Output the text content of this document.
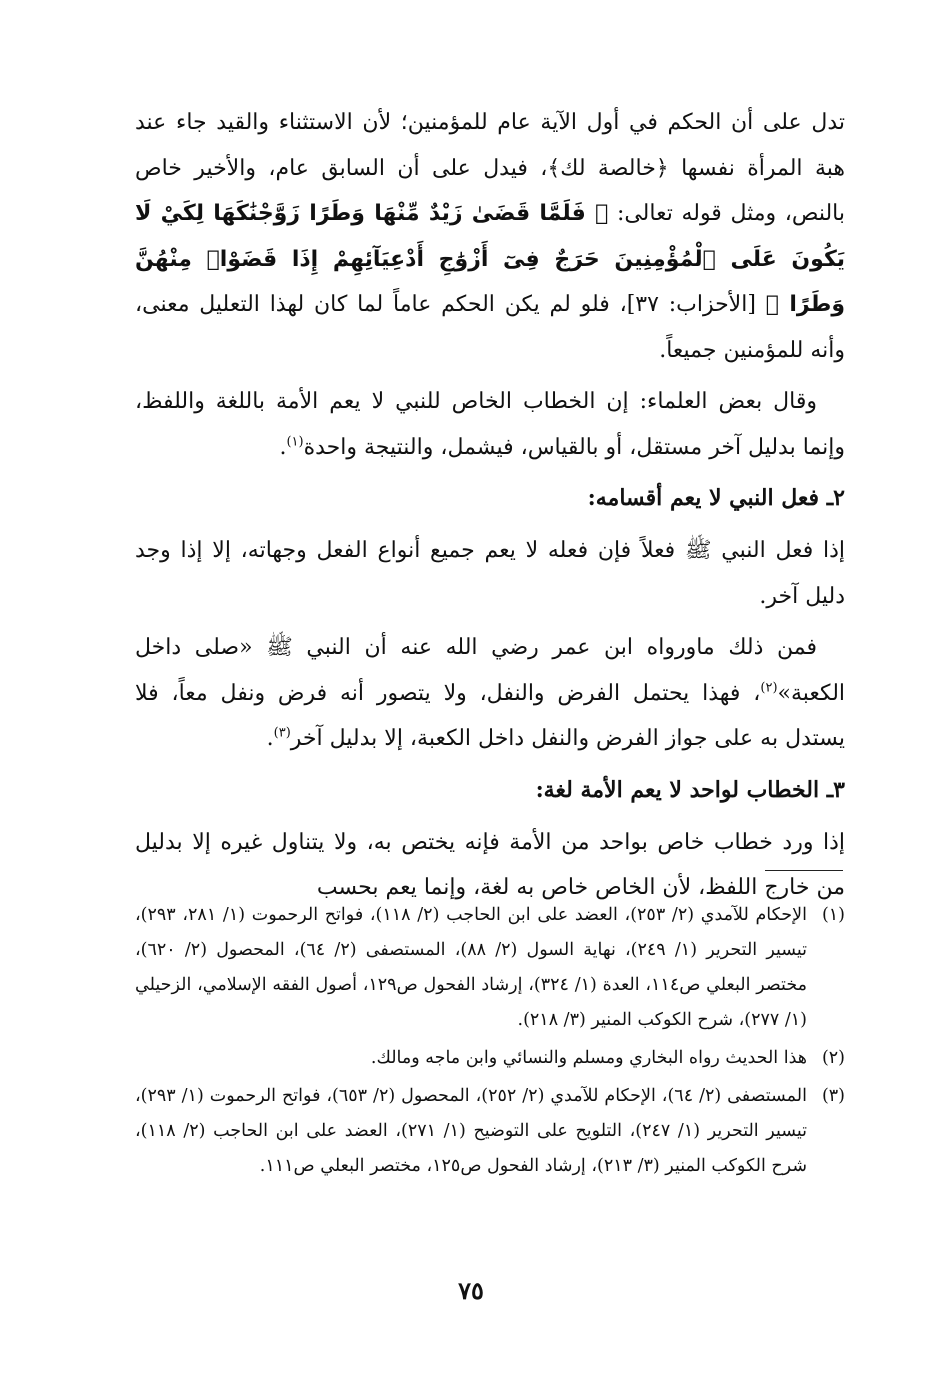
تدل على أن الحكم في أول الآية عام للمؤمنين؛ لأن الاستثناء والقيد جاء عند هبة المرأة نفسها ﴿خالصة لك﴾، فيدل على أن السابق عام، والأخير خاص بالنص، ومثل قوله تعالى: ﴿ فَلَمَّا قَضَىٰ زَيْدٌ مِّنْهَا وَطَرًا زَوَّجْنَٰكَهَا لِكَيْ لَا يَكُونَ عَلَى ٱلْمُؤْمِنِينَ حَرَجٌ فِىٓ أَزْوَٰجِ أَدْعِيَآئِهِمْ إِذَا قَضَوْا۟ مِنْهُنَّ وَطَرًا ﴾ [الأحزاب: ٣٧]، فلو لم يكن الحكم عاماً لما كان لهذا التعليل معنى، وأنه للمؤمنين جميعاً.

وقال بعض العلماء: إن الخطاب الخاص للنبي لا يعم الأمة باللغة واللفظ، وإنما بدليل آخر مستقل، أو بالقياس، فيشمل، والنتيجة واحدة$^{(١)}$.

٢ـ فعل النبي لا يعم أقسامه:

إذا فعل النبي ﷺ فعلاً فإن فعله لا يعم جميع أنواع الفعل وجهاته، إلا إذا وجد دليل آخر.

فمن ذلك ماورواه ابن عمر رضي الله عنه أن النبي ﷺ «صلى داخل الكعبة»$^{(٢)}$، فهذا يحتمل الفرض والنفل، ولا يتصور أنه فرض ونفل معاً، فلا يستدل به على جواز الفرض والنفل داخل الكعبة، إلا بدليل آخر$^{(٣)}$.

٣ـ الخطاب لواحد لا يعم الأمة لغة:

إذا ورد خطاب خاص بواحد من الأمة فإنه يختص به، ولا يتناول غيره إلا بدليل من خارج اللفظ، لأن الخاص خاص به لغة، وإنما يعم بحسب

(١)
الإحكام للآمدي (٢/ ٢٥٣)، العضد على ابن الحاجب (٢/ ١١٨)، فواتح الرحموت (١/ ٢٨١، ٢٩٣)، تيسير التحرير (١/ ٢٤٩)، نهاية السول (٢/ ٨٨)، المستصفى (٢/ ٦٤)، المحصول (٢/ ٦٢٠)، مختصر البعلي ص١١٤، العدة (١/ ٣٢٤)، إرشاد الفحول ص١٢٩، أصول الفقه الإسلامي، الزحيلي (١/ ٢٧٧)، شرح الكوكب المنير (٣/ ٢١٨).
(٢)
هذا الحديث رواه البخاري ومسلم والنسائي وابن ماجه ومالك.
(٣)
المستصفى (٢/ ٦٤)، الإحكام للآمدي (٢/ ٢٥٢)، المحصول (٢/ ٦٥٣)، فواتح الرحموت (١/ ٢٩٣)، تيسير التحرير (١/ ٢٤٧)، التلويح على التوضيح (١/ ٢٧١)، العضد على ابن الحاجب (٢/ ١١٨)، شرح الكوكب المنير (٣/ ٢١٣)، إرشاد الفحول ص١٢٥، مختصر البعلي ص١١١.
٧٥
